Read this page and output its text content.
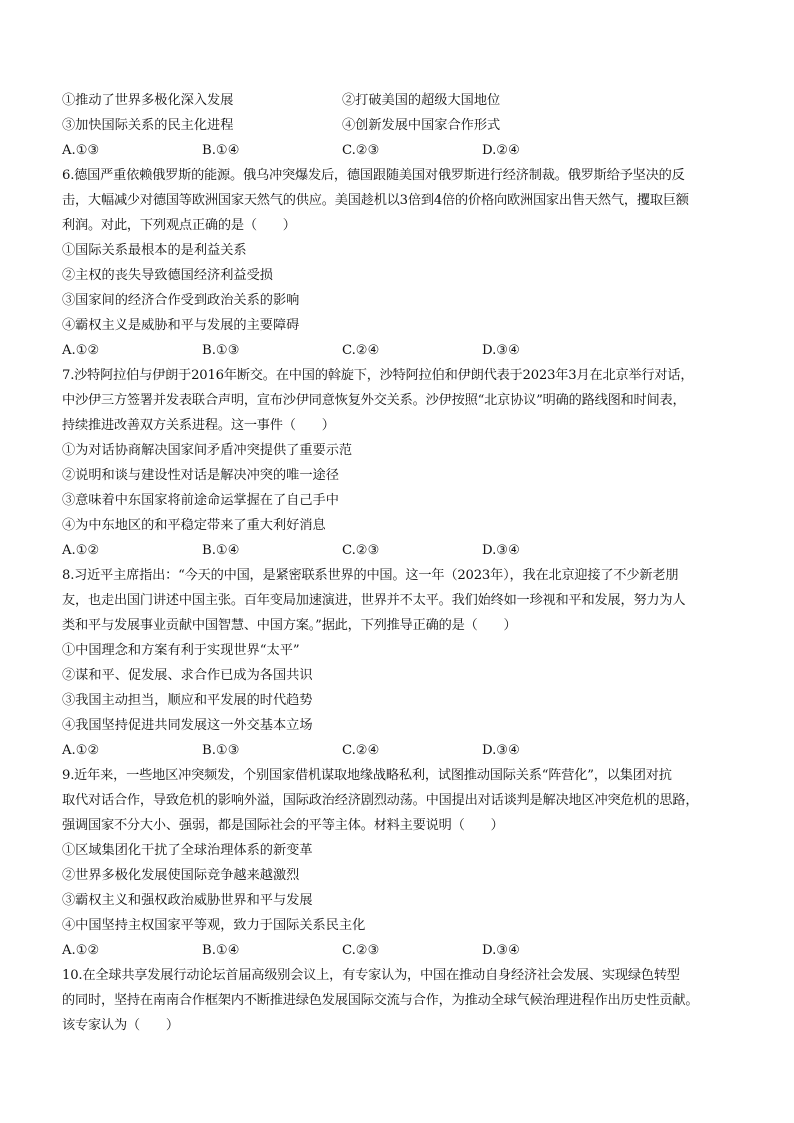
①推动了世界多极化深入发展	②打破美国的超级大国地位
③加快国际关系的民主化进程	④创新发展中国家合作形式
A.①③	B.①④	C.②③	D.②④
6.德国严重依赖俄罗斯的能源。俄乌冲突爆发后，德国跟随美国对俄罗斯进行经济制裁。俄罗斯给予坚决的反
击，大幅减少对德国等欧洲国家天然气的供应。美国趁机以3倍到4倍的价格向欧洲国家出售天然气，攫取巨额
利润。对此，下列观点正确的是（　　）
①国际关系最根本的是利益关系
②主权的丧失导致德国经济利益受损
③国家间的经济合作受到政治关系的影响
④霸权主义是威胁和平与发展的主要障碍
A.①②	B.①③	C.②④	D.③④
7.沙特阿拉伯与伊朗于2016年断交。在中国的斡旋下，沙特阿拉伯和伊朗代表于2023年3月在北京举行对话，
中沙伊三方签署并发表联合声明，宣布沙伊同意恢复外交关系。沙伊按照“北京协议”明确的路线图和时间表，
持续推进改善双方关系进程。这一事件（　　）
①为对话协商解决国家间矛盾冲突提供了重要示范
②说明和谈与建设性对话是解决冲突的唯一途径
③意味着中东国家将前途命运掌握在了自己手中
④为中东地区的和平稳定带来了重大利好消息
A.①②	B.①④	C.②③	D.③④
8.习近平主席指出：“今天的中国，是紧密联系世界的中国。这一年（2023年），我在北京迎接了不少新老朋
友，也走出国门讲述中国主张。百年变局加速演进，世界并不太平。我们始终如一珍视和平和发展，努力为人
类和平与发展事业贡献中国智慧、中国方案。”据此，下列推导正确的是（　　）
①中国理念和方案有利于实现世界“太平”
②谋和平、促发展、求合作已成为各国共识
③我国主动担当，顺应和平发展的时代趋势
④我国坚持促进共同发展这一外交基本立场
A.①②	B.①③	C.②④	D.③④
9.近年来，一些地区冲突频发，个别国家借机谋取地缘战略私利，试图推动国际关系“阵营化”，以集团对抗
取代对话合作，导致危机的影响外溢，国际政治经济剧烈动荡。中国提出对话谈判是解决地区冲突危机的思路，
强调国家不分大小、强弱，都是国际社会的平等主体。材料主要说明（　　）
①区域集团化干扰了全球治理体系的新变革
②世界多极化发展使国际竞争越来越激烈
③霸权主义和强权政治威胁世界和平与发展
④中国坚持主权国家平等观，致力于国际关系民主化
A.①②	B.①④	C.②③	D.③④
10.在全球共享发展行动论坛首届高级别会议上，有专家认为，中国在推动自身经济社会发展、实现绿色转型
的同时，坚持在南南合作框架内不断推进绿色发展国际交流与合作，为推动全球气候治理进程作出历史性贡献。
该专家认为（　　）
